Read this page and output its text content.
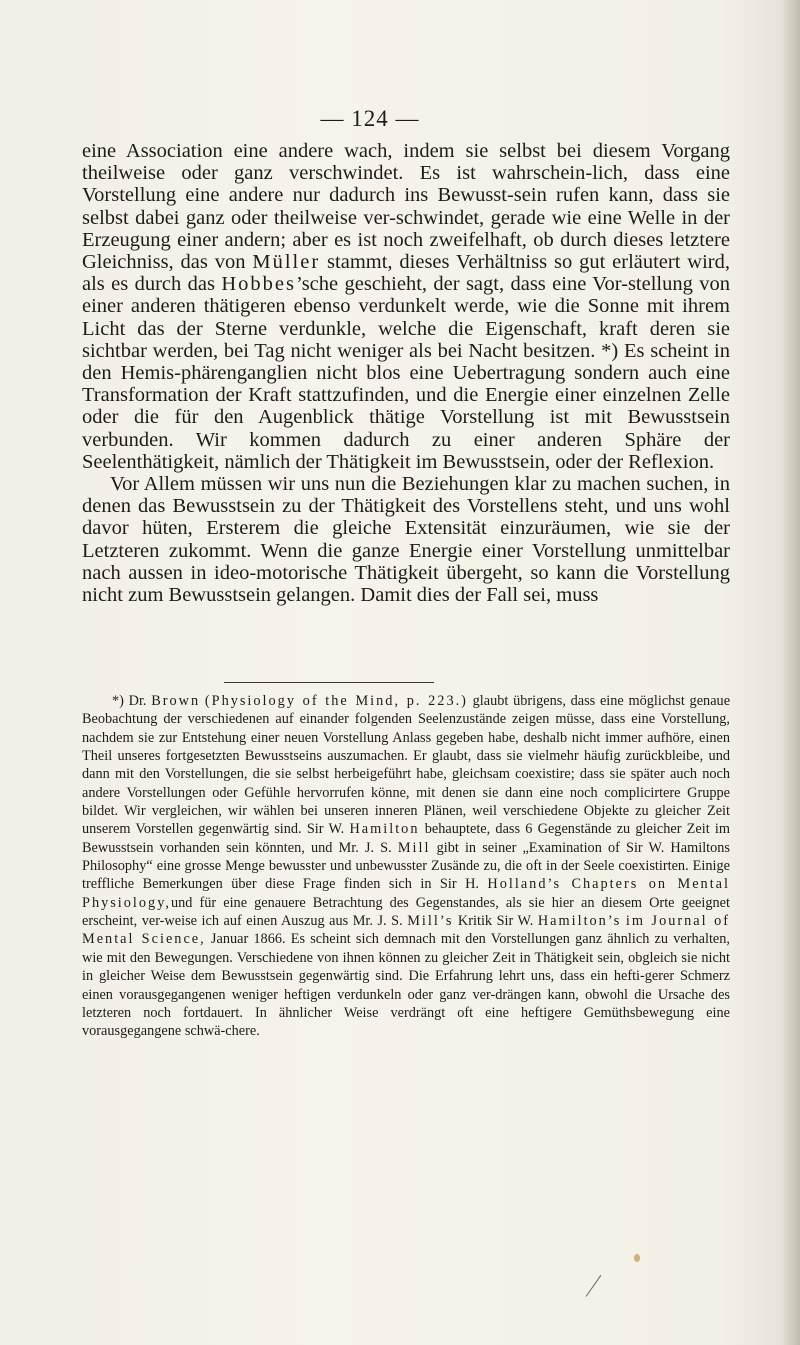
— 124 —

eine Association eine andere wach, indem sie selbst bei diesem Vorgang theilweise oder ganz verschwindet. Es ist wahrschein-lich, dass eine Vorstellung eine andere nur dadurch ins Bewusst-sein rufen kann, dass sie selbst dabei ganz oder theilweise ver-schwindet, gerade wie eine Welle in der Erzeugung einer andern; aber es ist noch zweifelhaft, ob durch dieses letztere Gleichniss, das von Müller stammt, dieses Verhältniss so gut erläutert wird, als es durch das Hobbes’sche geschieht, der sagt, dass eine Vor-stellung von einer anderen thätigeren ebenso verdunkelt werde, wie die Sonne mit ihrem Licht das der Sterne verdunkle, welche die Eigenschaft, kraft deren sie sichtbar werden, bei Tag nicht weniger als bei Nacht besitzen. *) Es scheint in den Hemis-phärenganglien nicht blos eine Uebertragung sondern auch eine Transformation der Kraft stattzufinden, und die Energie einer einzelnen Zelle oder die für den Augenblick thätige Vorstellung ist mit Bewusstsein verbunden. Wir kommen dadurch zu einer anderen Sphäre der Seelenthätigkeit, nämlich der Thätigkeit im Bewusstsein, oder der Reflexion.

Vor Allem müssen wir uns nun die Beziehungen klar zu machen suchen, in denen das Bewusstsein zu der Thätigkeit des Vorstellens steht, und uns wohl davor hüten, Ersterem die gleiche Extensität einzuräumen, wie sie der Letzteren zukommt. Wenn die ganze Energie einer Vorstellung unmittelbar nach aussen in ideo-motorische Thätigkeit übergeht, so kann die Vorstellung nicht zum Bewusstsein gelangen. Damit dies der Fall sei, muss

*) Dr. Brown (Physiology of the Mind, p. 223.) glaubt übrigens, dass eine möglichst genaue Beobachtung der verschiedenen auf einander folgenden Seelenzustände zeigen müsse, dass eine Vorstellung, nachdem sie zur Entstehung einer neuen Vorstellung Anlass gegeben habe, deshalb nicht immer aufhöre, einen Theil unseres fortgesetzten Bewusstseins auszumachen. Er glaubt, dass sie vielmehr häufig zurückbleibe, und dann mit den Vorstellungen, die sie selbst herbeigeführt habe, gleichsam coexistire; dass sie später auch noch andere Vorstellungen oder Gefühle hervorrufen könne, mit denen sie dann eine noch complicirtere Gruppe bildet. Wir vergleichen, wir wählen bei unseren inneren Plänen, weil verschiedene Objekte zu gleicher Zeit unserem Vorstellen gegenwärtig sind. Sir W. Hamilton behauptete, dass 6 Gegenstände zu gleicher Zeit im Bewusstsein vorhanden sein könnten, und Mr. J. S. Mill gibt in seiner „Examination of Sir W. Hamiltons Philosophy“ eine grosse Menge bewusster und unbewusster Zusände zu, die oft in der Seele coexistirten. Einige treffliche Bemerkungen über diese Frage finden sich in Sir H. Holland’s Chapters on Mental Physiology,und für eine genauere Betrachtung des Gegenstandes, als sie hier an diesem Orte geeignet erscheint, ver-weise ich auf einen Auszug aus Mr. J. S. Mill’s Kritik Sir W. Hamilton’s im Journal of Mental Science, Januar 1866. Es scheint sich demnach mit den Vorstellungen ganz ähnlich zu verhalten, wie mit den Bewegungen. Verschiedene von ihnen können zu gleicher Zeit in Thätigkeit sein, obgleich sie nicht in gleicher Weise dem Bewusstsein gegenwärtig sind. Die Erfahrung lehrt uns, dass ein hefti-gerer Schmerz einen vorausgegangenen weniger heftigen verdunkeln oder ganz ver-drängen kann, obwohl die Ursache des letzteren noch fortdauert. In ähnlicher Weise verdrängt oft eine heftigere Gemüthsbewegung eine vorausgegangene schwä-chere.
